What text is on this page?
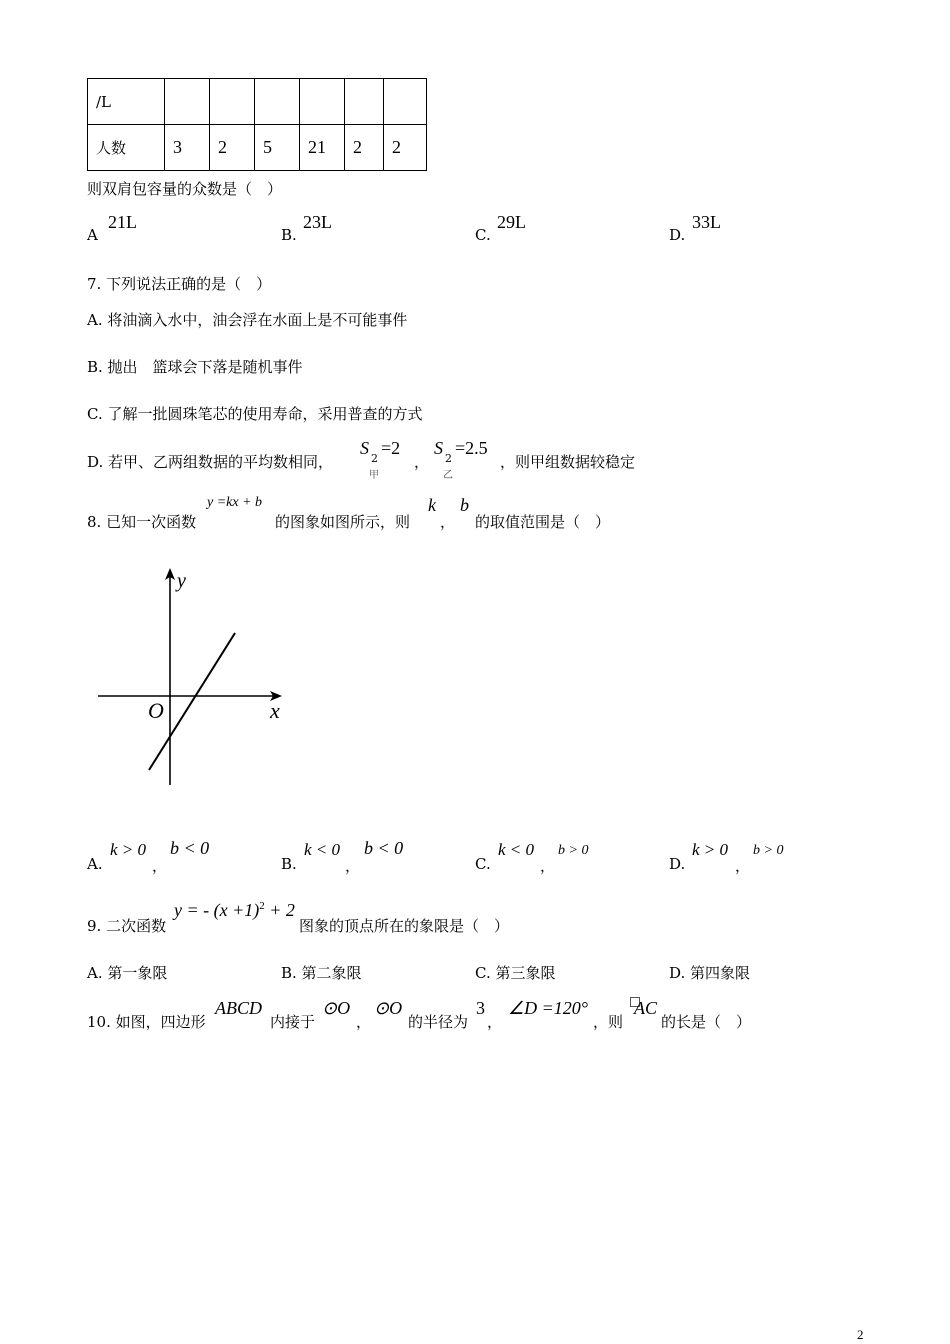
/L						
人数	3	2	5	21	2	2
则双肩包容量的众数是（　）
A
21L
B.
23L
C.
29L
D.
33L
7. 下列说法正确的是（　）
A. 将油滴入水中，油会浮在水面上是不可能事件
B. 抛出　篮球会下落是随机事件
C. 了解一批圆珠笔芯的使用寿命，采用普查的方式
D. 若甲、乙两组数据的平均数相同，
S
2
甲
=2
，
S
2
乙
=2.5
，则甲组数据较稳定
8. 已知一次函数
y =kx + b
的图象如图所示，则
k
，
b
的取值范围是（　）
y
x
O
A.
k > 0
，
b < 0
B.
k < 0
，
b < 0
C.
k < 0
，
b > 0
D.
k > 0
，
b > 0
9. 二次函数
y = - $(x +1)^2 + 2$
图象的顶点所在的象限是（　）
A. 第一象限	B. 第二象限	C. 第三象限	D. 第四象限
10. 如图，四边形
ABCD
内接于
⊙O
，
⊙O
的半径为
3
，
∠D =120°
，则
AC
的长是（　）
2
